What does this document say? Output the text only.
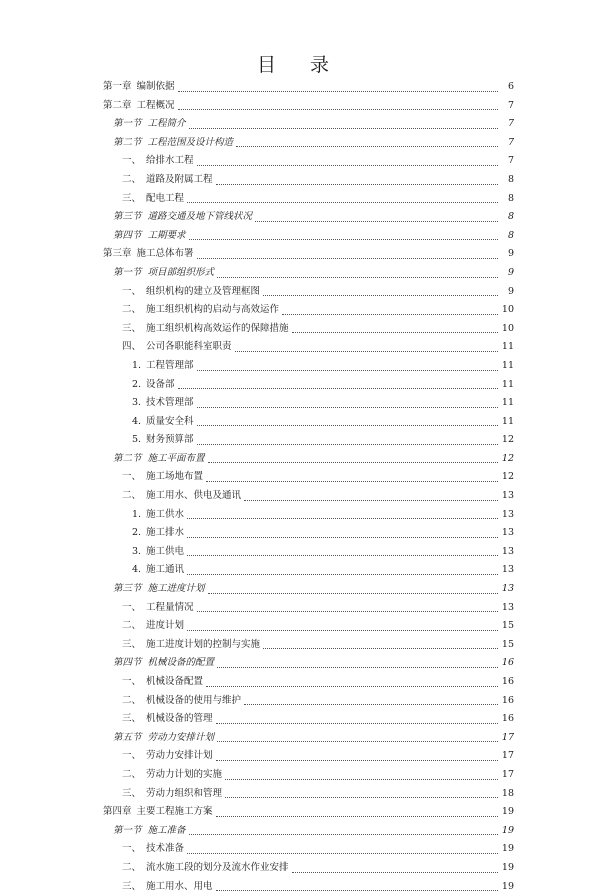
目 录
第一章 编制依据	6
第二章 工程概况	7
第一节 工程简介	7
第二节 工程范围及设计构造	7
一、 给排水工程	7
二、 道路及附属工程	8
三、 配电工程	8
第三节 道路交通及地下管线状况	8
第四节 工期要求	8
第三章 施工总体布署	9
第一节 项目部组织形式	9
一、 组织机构的建立及管理框图	9
二、 施工组织机构的启动与高效运作	10
三、 施工组织机构高效运作的保障措施	10
四、 公司各职能科室职责	11
1. 工程管理部	11
2. 设备部	11
3. 技术管理部	11
4. 质量安全科	11
5. 财务预算部	12
第二节 施工平面布置	12
一、 施工场地布置	12
二、 施工用水、供电及通讯	13
1. 施工供水	13
2. 施工排水	13
3. 施工供电	13
4. 施工通讯	13
第三节 施工进度计划	13
一、 工程量情况	13
二、 进度计划	15
三、 施工进度计划的控制与实施	15
第四节 机械设备的配置	16
一、 机械设备配置	16
二、 机械设备的使用与维护	16
三、 机械设备的管理	16
第五节 劳动力安排计划	17
一、 劳动力安排计划	17
二、 劳动力计划的实施	17
三、 劳动力组织和管理	18
第四章 主要工程施工方案	19
第一节 施工准备	19
一、 技术准备	19
二、 流水施工段的划分及流水作业安排	19
三、 施工用水、用电	19
